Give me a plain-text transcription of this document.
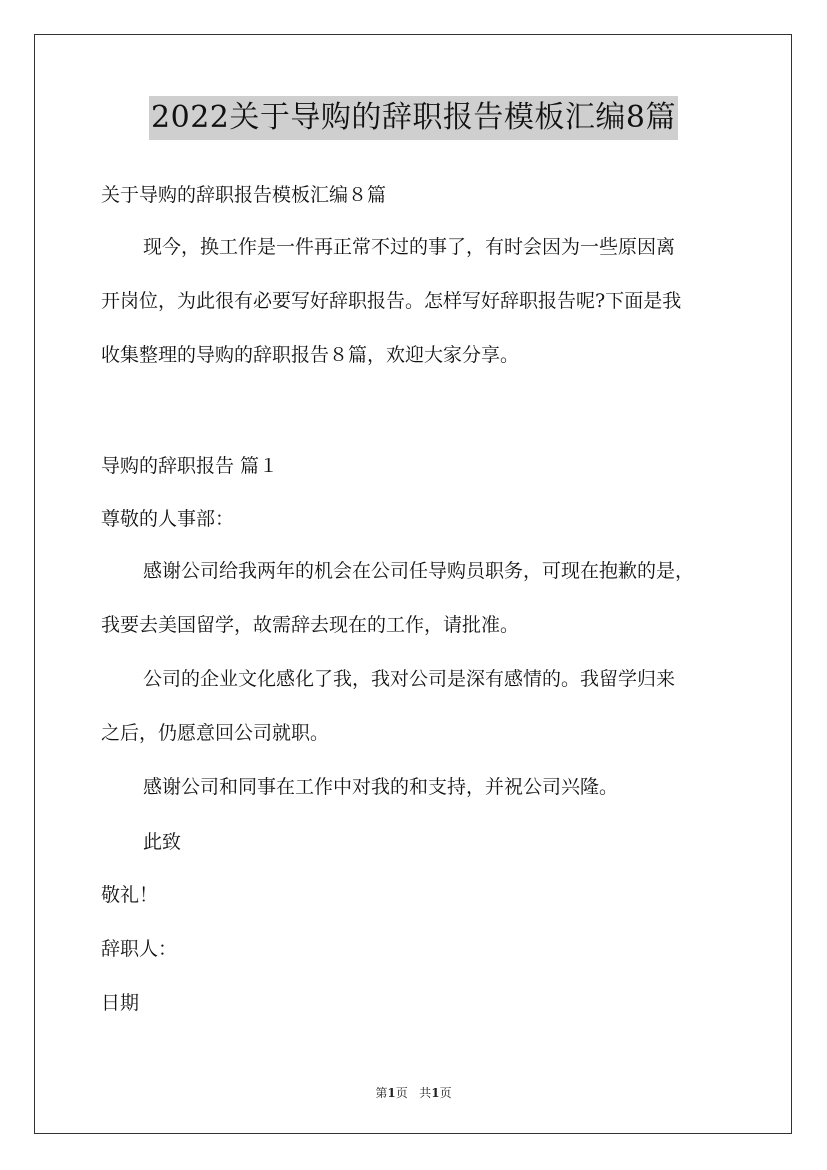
2022关于导购的辞职报告模板汇编8篇
关于导购的辞职报告模板汇编８篇
现今，换工作是一件再正常不过的事了，有时会因为一些原因离
开岗位，为此很有必要写好辞职报告。怎样写好辞职报告呢?下面是我
收集整理的导购的辞职报告８篇，欢迎大家分享。
导购的辞职报告 篇１
尊敬的人事部：
感谢公司给我两年的机会在公司任导购员职务，可现在抱歉的是，
我要去美国留学，故需辞去现在的工作，请批准。
公司的企业文化感化了我，我对公司是深有感情的。我留学归来
之后，仍愿意回公司就职。
感谢公司和同事在工作中对我的和支持，并祝公司兴隆。
此致
敬礼！
辞职人：
日期
第1页 共1页
